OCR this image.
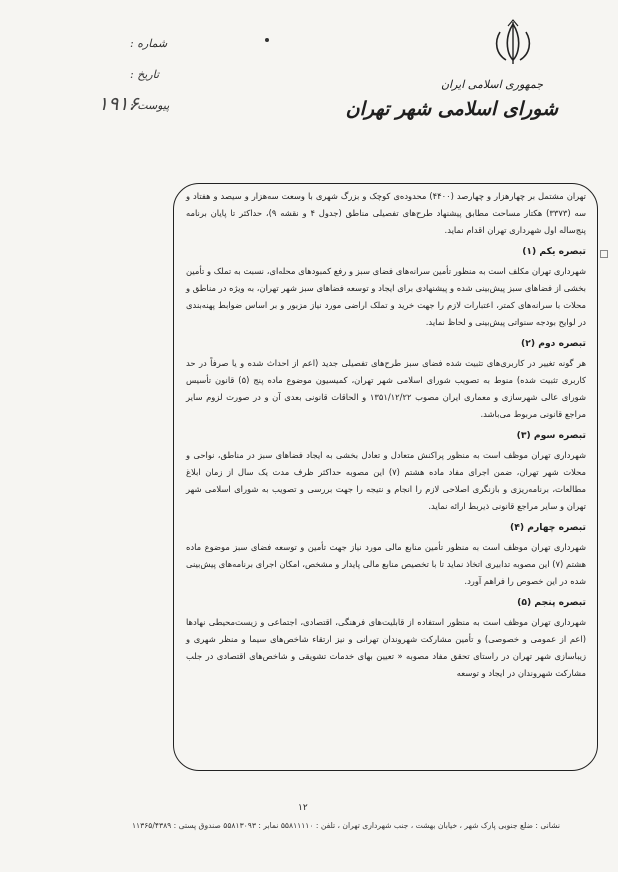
جمهوری اسلامی ایران
شورای اسلامی شهر تهران
شماره :
تاریخ :
پیوست :
۱۹۱۶

تهران مشتمل بر چهارهزار و چهارصد (۴۴۰۰) محدوده‌ی کوچک و بزرگ شهری با وسعت سه‌هزار و سیصد و هفتاد و سه (۳۳۷۳) هکتار مساحت مطابق پیشنهاد طرح‌های تفصیلی مناطق (جدول ۴ و نقشه ۹)، حداکثر تا پایان برنامه پنج‌ساله اول شهرداری تهران اقدام نماید.

تبصره یکم (۱)

شهرداری تهران مکلف است به منظور تأمین سرانه‌های فضای سبز و رفع کمبودهای محله‌ای، نسبت به تملک و تأمین بخشی از فضاهای سبز پیش‌بینی شده و پیشنهادی برای ایجاد و توسعه فضاهای سبز شهر تهران، به ویژه در مناطق و محلات با سرانه‌های کمتر، اعتبارات لازم را جهت خرید و تملک اراضی مورد نیاز مزبور و بر اساس ضوابط پهنه‌بندی در لوایح بودجه سنواتی پیش‌بینی و لحاظ نماید.

تبصره دوم (۲)

هر گونه تغییر در کاربری‌های تثبیت شده فضای سبز طرح‌های تفصیلی جدید (اعم از احداث شده و یا صرفاً در حد کاربری تثبیت شده) منوط به تصویب شورای اسلامی شهر تهران، کمیسیون موضوع ماده پنج (۵) قانون تأسیس شورای عالی شهرسازی و معماری ایران مصوب ۱۳۵۱/۱۲/۲۲ و الحاقات قانونی بعدی آن و در صورت لزوم سایر مراجع قانونی مربوط می‌باشد.

تبصره سوم (۳)

شهرداری تهران موظف است به منظور پراکنش متعادل و تعادل بخشی به ایجاد فضاهای سبز در مناطق، نواحی و محلات شهر تهران، ضمن اجرای مفاد ماده هشتم (۷) این مصوبه حداکثر ظرف مدت یک سال از زمان ابلاغ مطالعات، برنامه‌ریزی و بازنگری اصلاحی لازم را انجام و نتیجه را جهت بررسی و تصویب به شورای اسلامی شهر تهران و سایر مراجع قانونی ذیربط ارائه نماید.

تبصره چهارم (۴)

شهرداری تهران موظف است به منظور تأمین منابع مالی مورد نیاز جهت تأمین و توسعه فضای سبز موضوع ماده هشتم (۷) این مصوبه تدابیری اتخاذ نماید تا با تخصیص منابع مالی پایدار و مشخص، امکان اجرای برنامه‌های پیش‌بینی شده در این خصوص را فراهم آورد.

تبصره پنجم (۵)

شهرداری تهران موظف است به منظور استفاده از قابلیت‌های فرهنگی، اقتصادی، اجتماعی و زیست‌محیطی نهادها (اعم از عمومی و خصوصی) و تأمین مشارکت شهروندان تهرانی و نیز ارتقاء شاخص‌های سیما و منظر شهری و زیباسازی شهر تهران در راستای تحقق مفاد مصوبه « تعیین بهای خدمات تشویقی و شاخص‌های اقتصادی در جلب مشارکت شهروندان در ایجاد و توسعه

۱۲
نشانی : ضلع جنوبی پارک شهر ، خیابان بهشت ، جنب شهرداری تهران ، تلفن : ۵۵۸۱۱۱۱۰ نمابر : ۵۵۸۱۳۰۹۳ صندوق پستی : ۱۱۳۶۵/۴۳۸۹
